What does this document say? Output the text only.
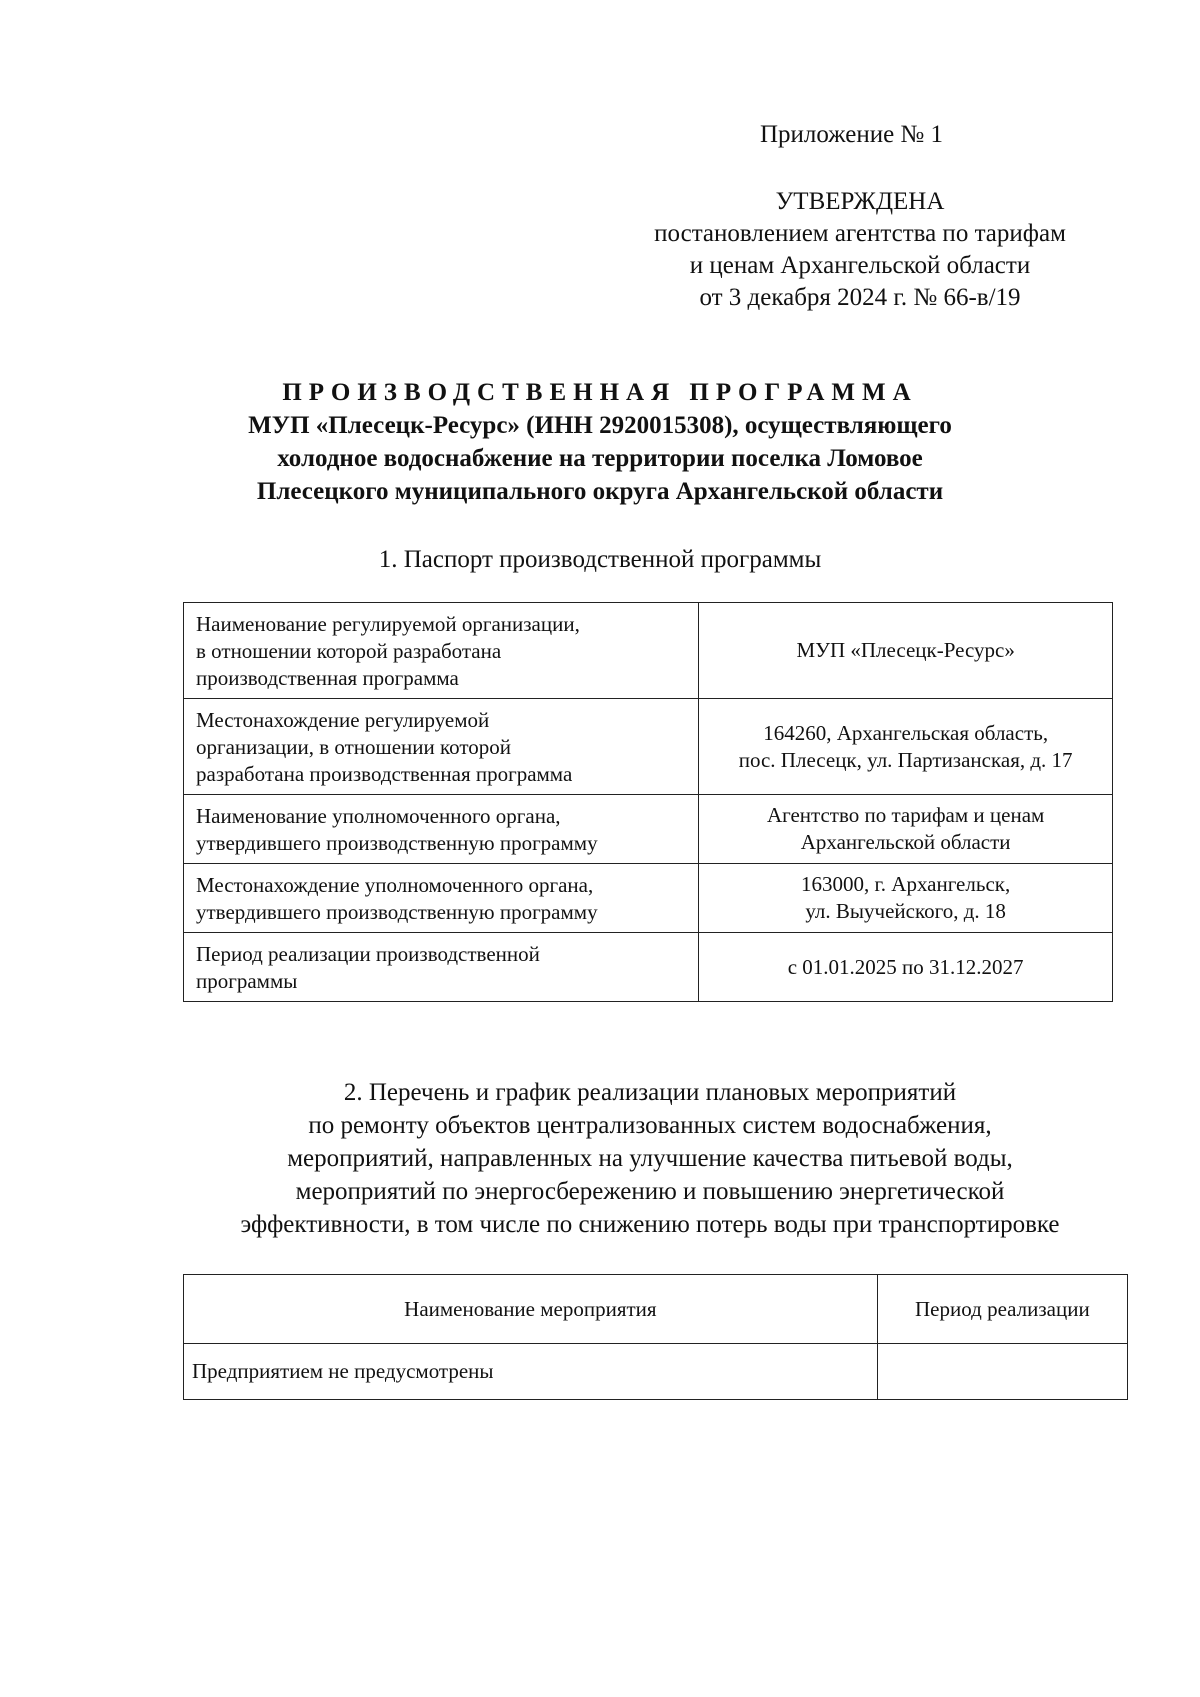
Приложение № 1
УТВЕРЖДЕНА
постановлением агентства по тарифам
и ценам Архангельской области
от 3 декабря 2024 г. № 66-в/19
ПРОИЗВОДСТВЕННАЯ ПРОГРАММА
МУП «Плесецк-Ресурс» (ИНН 2920015308), осуществляющего
холодное водоснабжение на территории поселка Ломовое
Плесецкого муниципального округа Архангельской области
1. Паспорт производственной программы
Наименование регулируемой организации,
в отношении которой разработана
производственная программа	МУП «Плесецк-Ресурс»

Местонахождение регулируемой
организации, в отношении которой
разработана производственная программа	164260, Архангельская область,
пос. Плесецк, ул. Партизанская, д. 17

Наименование уполномоченного органа,
утвердившего производственную программу	Агентство по тарифам и ценам
Архангельской области

Местонахождение уполномоченного органа,
утвердившего производственную программу	163000, г. Архангельск,
ул. Выучейского, д. 18

Период реализации производственной
программы	с 01.01.2025 по 31.12.2027
2. Перечень и график реализации плановых мероприятий
по ремонту объектов централизованных систем водоснабжения,
мероприятий, направленных на улучшение качества питьевой воды,
мероприятий по энергосбережению и повышению энергетической
эффективности, в том числе по снижению потерь воды при транспортировке
Наименование мероприятия	Период реализации
Предприятием не предусмотрены	
